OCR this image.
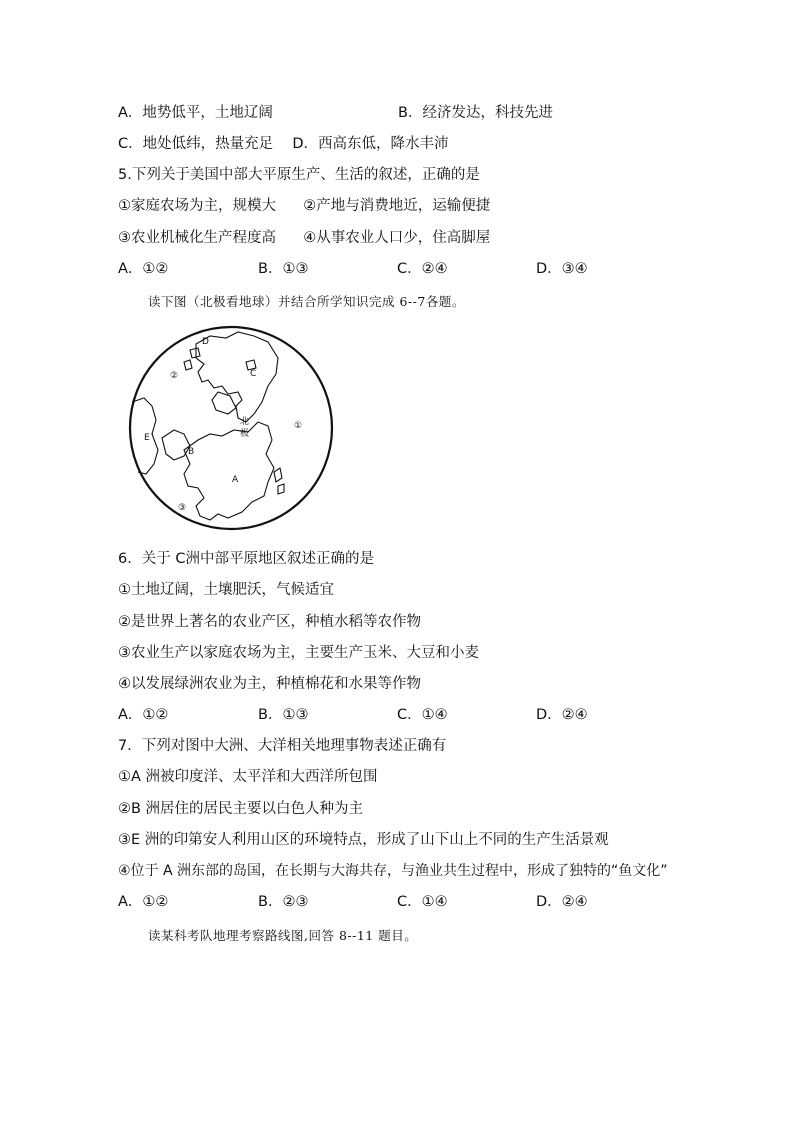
A．地势低平，土地辽阔	B．经济发达，科技先进
C．地处低纬，热量充足 D．西高东低，降水丰沛
5.下列关于美国中部大平原生产、生活的叙述，正确的是
①家庭农场为主，规模大 ②产地与消费地近，运输便捷
③农业机械化生产程度高 ④从事农业人口少，住高脚屋
A．①②	B．①③	C．②④	D．③④
读下图（北极看地球）并结合所学知识完成 6--7各题。
D
②	C
北
极
①
E
B
A
③
6．关于 C洲中部平原地区叙述正确的是
①土地辽阔，土壤肥沃，气候适宜
②是世界上著名的农业产区，种植水稻等农作物
③农业生产以家庭农场为主，主要生产玉米、大豆和小麦
④以发展绿洲农业为主，种植棉花和水果等作物
A．①②	B．①③	C．①④	D．②④
7．下列对图中大洲、大洋相关地理事物表述正确有
①A 洲被印度洋、太平洋和大西洋所包围
②B 洲居住的居民主要以白色人种为主
③E 洲的印第安人利用山区的环境特点，形成了山下山上不同的生产生活景观
④位于 A 洲东部的岛国，在长期与大海共存，与渔业共生过程中，形成了独特的“鱼文化”
A．①②	B．②③	C．①④	D．②④
读某科考队地理考察路线图,回答 8--11 题目。
